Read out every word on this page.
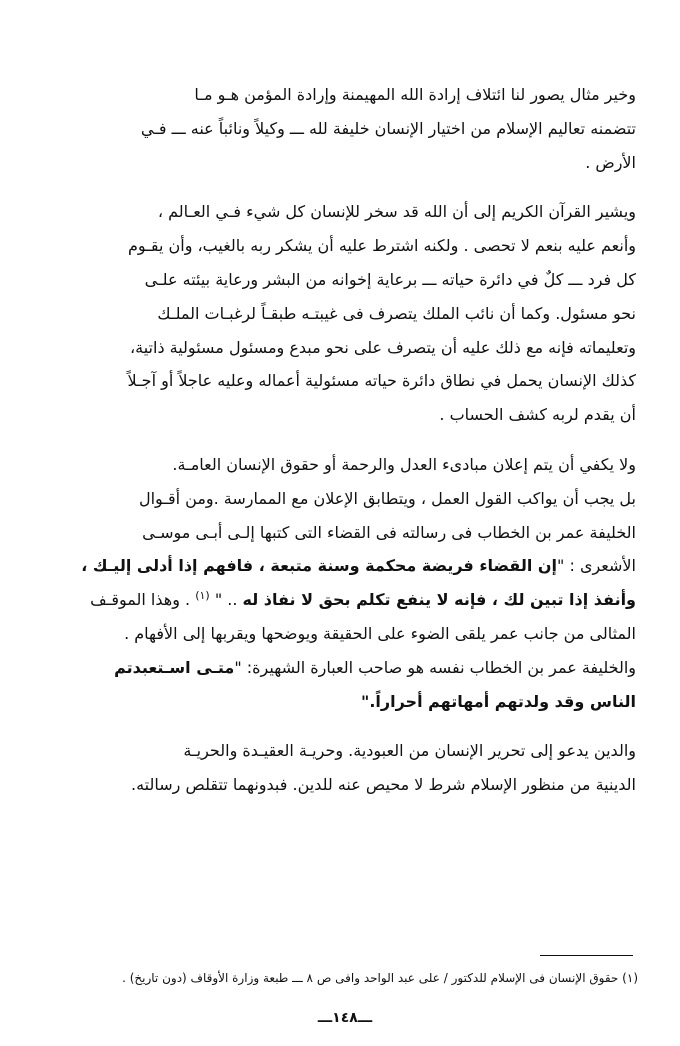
وخير مثال يصور لنا ائتلاف إرادة الله المهيمنة وإرادة المؤمن هـو مـا
تتضمنه تعاليم الإسلام من اختيار الإنسان خليفة لله ـــ وكيلاً ونائباً عنه ـــ فـي
الأرض .
ويشير القرآن الكريم إلى أن الله قد سخر للإنسان كل شيء فـي العـالم ،
وأنعم عليه بنعم لا تحصى . ولكنه اشترط عليه أن يشكر ربه بالغيب، وأن يقـوم
كل فرد ـــ كلٌ في دائرة حياته ـــ برعاية إخوانه من البشر ورعاية بيئته علـى
نحو مسئول. وكما أن نائب الملك يتصرف فى غيبتـه طبقـاً لرغبـات الملـك
وتعليماته فإنه مع ذلك عليه أن يتصرف على نحو مبدع ومسئول مسئولية ذاتية،
كذلك الإنسان يحمل في نطاق دائرة حياته مسئولية أعماله وعليه عاجلاً أو آجـلاً
أن يقدم لربه كشف الحساب .
ولا يكفي أن يتم إعلان مبادىء العدل والرحمة أو حقوق الإنسان العامـة.
بل يجب أن يواكب القول العمل ، ويتطابق الإعلان مع الممارسة .ومن أقـوال
الخليفة عمر بن الخطاب فى رسالته فى القضاء التى كتبها إلـى أبـى موسـى
الأشعرى : "إن القضاء فريضة محكمة وسنة متبعة ، فافهم إذا أدلى إليـك ،
وأنفذ إذا تبين لك ، فإنه لا ينفع تكلم بحق لا نفاذ له .. " $^{(١)}$ . وهذا الموقـف
المثالى من جانب عمر يلقى الضوء على الحقيقة ويوضحها ويقربها إلى الأفهام .
والخليفة عمر بن الخطاب نفسه هو صاحب العبارة الشهيرة: "متـى اسـتعبدتم
الناس وقد ولدتهم أمهاتهم أحراراً."
والدين يدعو إلى تحرير الإنسان من العبودية. وحريـة العقيـدة والحريـة
الدينية من منظور الإسلام شرط لا محيص عنه للدين. فبدونهما تتقلص رسالته.
(١) حقوق الإنسان فى الإسلام للدكتور / على عبد الواحد وافى ص ٨ ـــ طبعة وزارة الأوقاف (دون تاريخ) .
ـــ١٤٨ـــ
